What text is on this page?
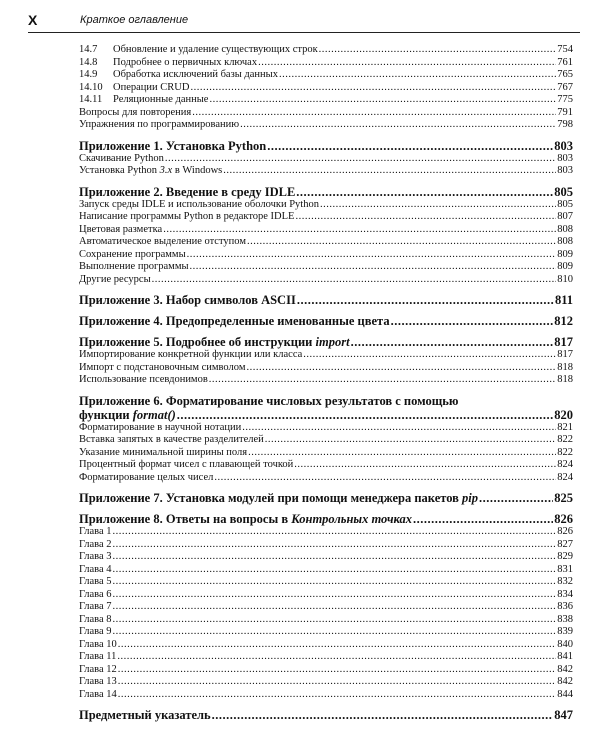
X	Краткое оглавление
14.7	Обновление и удаление существующих строк .....	754
14.8	Подробнее о первичных ключах .....	761
14.9	Обработка исключений базы данных .....	765
14.10 Операции CRUD .....	767
14.11	Реляционные данные .....	775
Вопросы для повторения .....	791
Упражнения по программированию .....	798
Приложение 1. Установка Python .....	803
Скачивание Python .....	803
Установка Python 3.x в Windows .....	803
Приложение 2. Введение в среду IDLE .....	805
Запуск среды IDLE и использование оболочки Python .....	805
Написание программы Python в редакторе IDLE .....	807
Цветовая разметка .....	808
Автоматическое выделение отступом .....	808
Сохранение программы .....	809
Выполнение программы .....	809
Другие ресурсы .....	810
Приложение 3. Набор символов ASCII .....	811
Приложение 4. Предопределенные именованные цвета .....	812
Приложение 5. Подробнее об инструкции import .....	817
Импортирование конкретной функции или класса .....	817
Импорт с подстановочным символом .....	818
Использование псевдонимов .....	818
Приложение 6. Форматирование числовых результатов с помощью
функции format() .....	820
Форматирование в научной нотации .....	821
Вставка запятых в качестве разделителей .....	822
Указание минимальной ширины поля .....	822
Процентный формат чисел с плавающей точкой .....	824
Форматирование целых чисел .....	824
Приложение 7. Установка модулей при помощи менеджера пакетов pip .....	825
Приложение 8. Ответы на вопросы в Контрольных точках .....	826
Глава 1 .....	826
Глава 2 .....	827
Глава 3 .....	829
Глава 4 .....	831
Глава 5 .....	832
Глава 6 .....	834
Глава 7 .....	836
Глава 8 .....	838
Глава 9 .....	839
Глава 10 .....	840
Глава 11 .....	841
Глава 12 .....	842
Глава 13 .....	842
Глава 14 .....	844
Предметный указатель .....	847
